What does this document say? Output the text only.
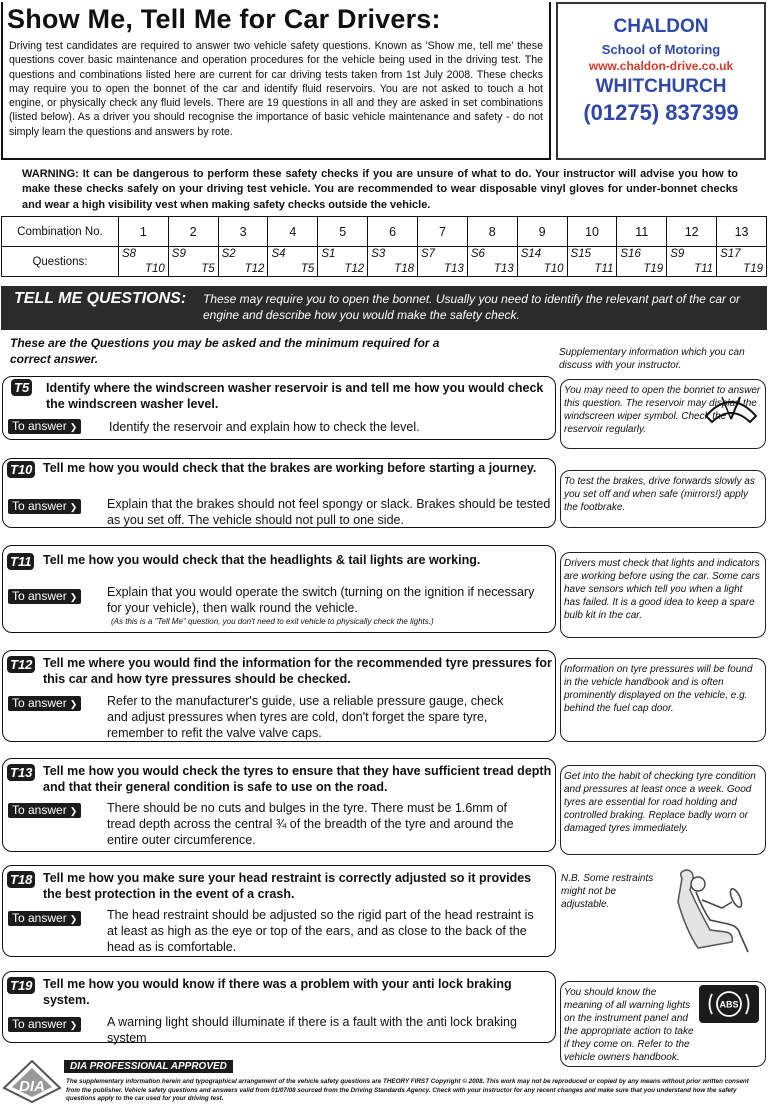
Show Me, Tell Me for Car Drivers:
Driving test candidates are required to answer two vehicle safety questions. Known as 'Show me, tell me' these questions cover basic maintenance and operation procedures for the vehicle being used in the driving test. The questions and combinations listed here are current for car driving tests taken from 1st July 2008. These checks may require you to open the bonnet of the car and identify fluid reservoirs. You are not asked to touch a hot engine, or physically check any fluid levels. There are 19 questions in all and they are asked in set combinations (listed below). As a driver you should recognise the importance of basic vehicle maintenance and safety - do not simply learn the questions and answers by rote.
CHALDON
School of Motoring
www.chaldon-drive.co.uk
WHITCHURCH
(01275) 837399
WARNING: It can be dangerous to perform these safety checks if you are unsure of what to do. Your instructor will advise you how to make these checks safely on your driving test vehicle. You are recommended to wear disposable vinyl gloves for under-bonnet checks and wear a high visibility vest when making safety checks outside the vehicle.
Combination No.	1	2	3	4	5	6	7	8	9	10	11	12	13
Questions:	S8
T10	S9
T5	S2
T12	S4
T5	S1
T12	S3
T18	S7
T13	S6
T13	S14
T10	S15
T11	S16
T19	S9
T11	S17
T19
TELL ME QUESTIONS: These may require you to open the bonnet. Usually you need to identify the relevant part of the car or engine and describe how you would make the safety check.
These are the Questions you may be asked and the minimum required for a correct answer.	Supplementary information which you can discuss with your instructor.
T5 Identify where the windscreen washer reservoir is and tell me how you would check the windscreen washer level.
To answer ❯	Identify the reservoir and explain how to check the level.
You may need to open the bonnet to answer this question. The reservoir may display the windscreen wiper symbol. Check the reservoir regularly.
T10 Tell me how you would check that the brakes are working before starting a journey.
To answer ❯	Explain that the brakes should not feel spongy or slack. Brakes should be tested as you set off. The vehicle should not pull to one side.
To test the brakes, drive forwards slowly as you set off and when safe (mirrors!) apply the footbrake.
T11 Tell me how you would check that the headlights & tail lights are working.
To answer ❯	Explain that you would operate the switch (turning on the ignition if necessary for your vehicle), then walk round the vehicle.
(As this is a "Tell Me" question, you don't need to exit vehicle to physically check the lights.)
Drivers must check that lights and indicators are working before using the car. Some cars have sensors which tell you when a light has failed. It is a good idea to keep a spare bulb kit in the car.
T12 Tell me where you would find the information for the recommended tyre pressures for this car and how tyre pressures should be checked.
To answer ❯	Refer to the manufacturer's guide, use a reliable pressure gauge, check and adjust pressures when tyres are cold, don't forget the spare tyre, remember to refit the valve valve caps.
Information on tyre pressures will be found in the vehicle handbook and is often prominently displayed on the vehicle, e.g. behind the fuel cap door.
T13 Tell me how you would check the tyres to ensure that they have sufficient tread depth and that their general condition is safe to use on the road.
To answer ❯	There should be no cuts and bulges in the tyre. There must be 1.6mm of tread depth across the central ¾ of the breadth of the tyre and around the entire outer circumference.
Get into the habit of checking tyre condition and pressures at least once a week. Good tyres are essential for road holding and controlled braking. Replace badly worn or damaged tyres immediately.
T18 Tell me how you make sure your head restraint is correctly adjusted so it provides the best protection in the event of a crash.
To answer ❯	The head restraint should be adjusted so the rigid part of the head restraint is at least as high as the eye or top of the ears, and as close to the back of the head as is comfortable.
N.B. Some restraints might not be adjustable.
T19 Tell me how you would know if there was a problem with your anti lock braking system.
To answer ❯	A warning light should illuminate if there is a fault with the anti lock braking system
You should know the meaning of all warning lights on the instrument panel and the appropriate action to take if they come on. Refer to the vehicle owners handbook.
ABS
DIA
DIA PROFESSIONAL APPROVED
The supplementary information herein and typographical arrangement of the vehicle safety questions are THEORY FIRST Copyright © 2008. This work may not be reproduced or copied by any means without prior written consent from the publisher. Vehicle safety questions and answers valid from 01/07/08 sourced from the Driving Standards Agency. Check with your instructor for any recent changes and make sure that you understand how the safety questions apply to the car used for your driving test.
